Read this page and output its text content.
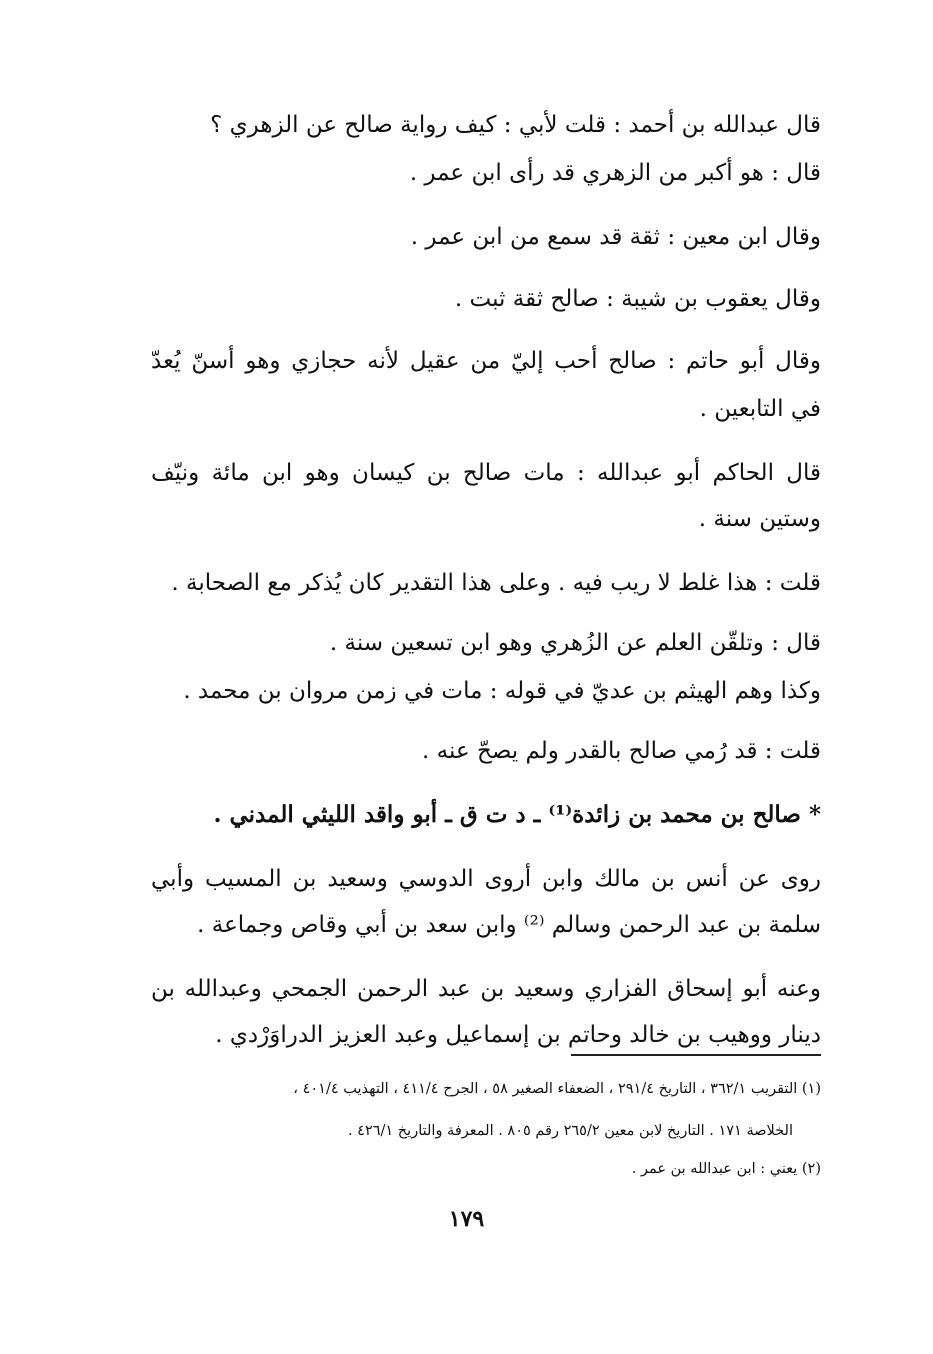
قال عبدالله بن أحمد : قلت لأبي : كيف رواية صالح عن الزهري ؟
قال : هو أكبر من الزهري قد رأى ابن عمر .
وقال ابن معين : ثقة قد سمع من ابن عمر .
وقال يعقوب بن شيبة : صالح ثقة ثبت .
وقال أبو حاتم : صالح أحب إليّ من عقيل لأنه حجازي وهو أسنّ يُعدّ
في التابعين .
قال الحاكم أبو عبدالله : مات صالح بن كيسان وهو ابن مائة ونيّف
وستين سنة .
قلت : هذا غلط لا ريب فيه . وعلى هذا التقدير كان يُذكر مع الصحابة .
قال : وتلقّن العلم عن الزُهري وهو ابن تسعين سنة .
وكذا وهم الهيثم بن عديّ في قوله : مات في زمن مروان بن محمد .
قلت : قد رُمي صالح بالقدر ولم يصحّ عنه .
* صالح بن محمد بن زائدة⁽¹⁾ ـ د ت ق ـ أبو واقد الليثي المدني .
روى عن أنس بن مالك وابن أروى الدوسي وسعيد بن المسيب وأبي
سلمة بن عبد الرحمن وسالم ⁽²⁾ وابن سعد بن أبي وقاص وجماعة .
وعنه أبو إسحاق الفزاري وسعيد بن عبد الرحمن الجمحي وعبدالله بن
دينار ووهيب بن خالد وحاتم بن إسماعيل وعبد العزيز الدراوَرْدي .
(١) التقريب ٣٦٢/١ ، التاريخ ٢٩١/٤ ، الضعفاء الصغير ٥٨ ، الجرح ٤١١/٤ ، التهذيب ٤٠١/٤ ،
الخلاصة ١٧١ . التاريخ لابن معين ٢٦٥/٢ رقم ٨٠٥ . المعرفة والتاريخ ٤٢٦/١ .
(٢) يعني : ابن عبدالله بن عمر .
١٧٩
